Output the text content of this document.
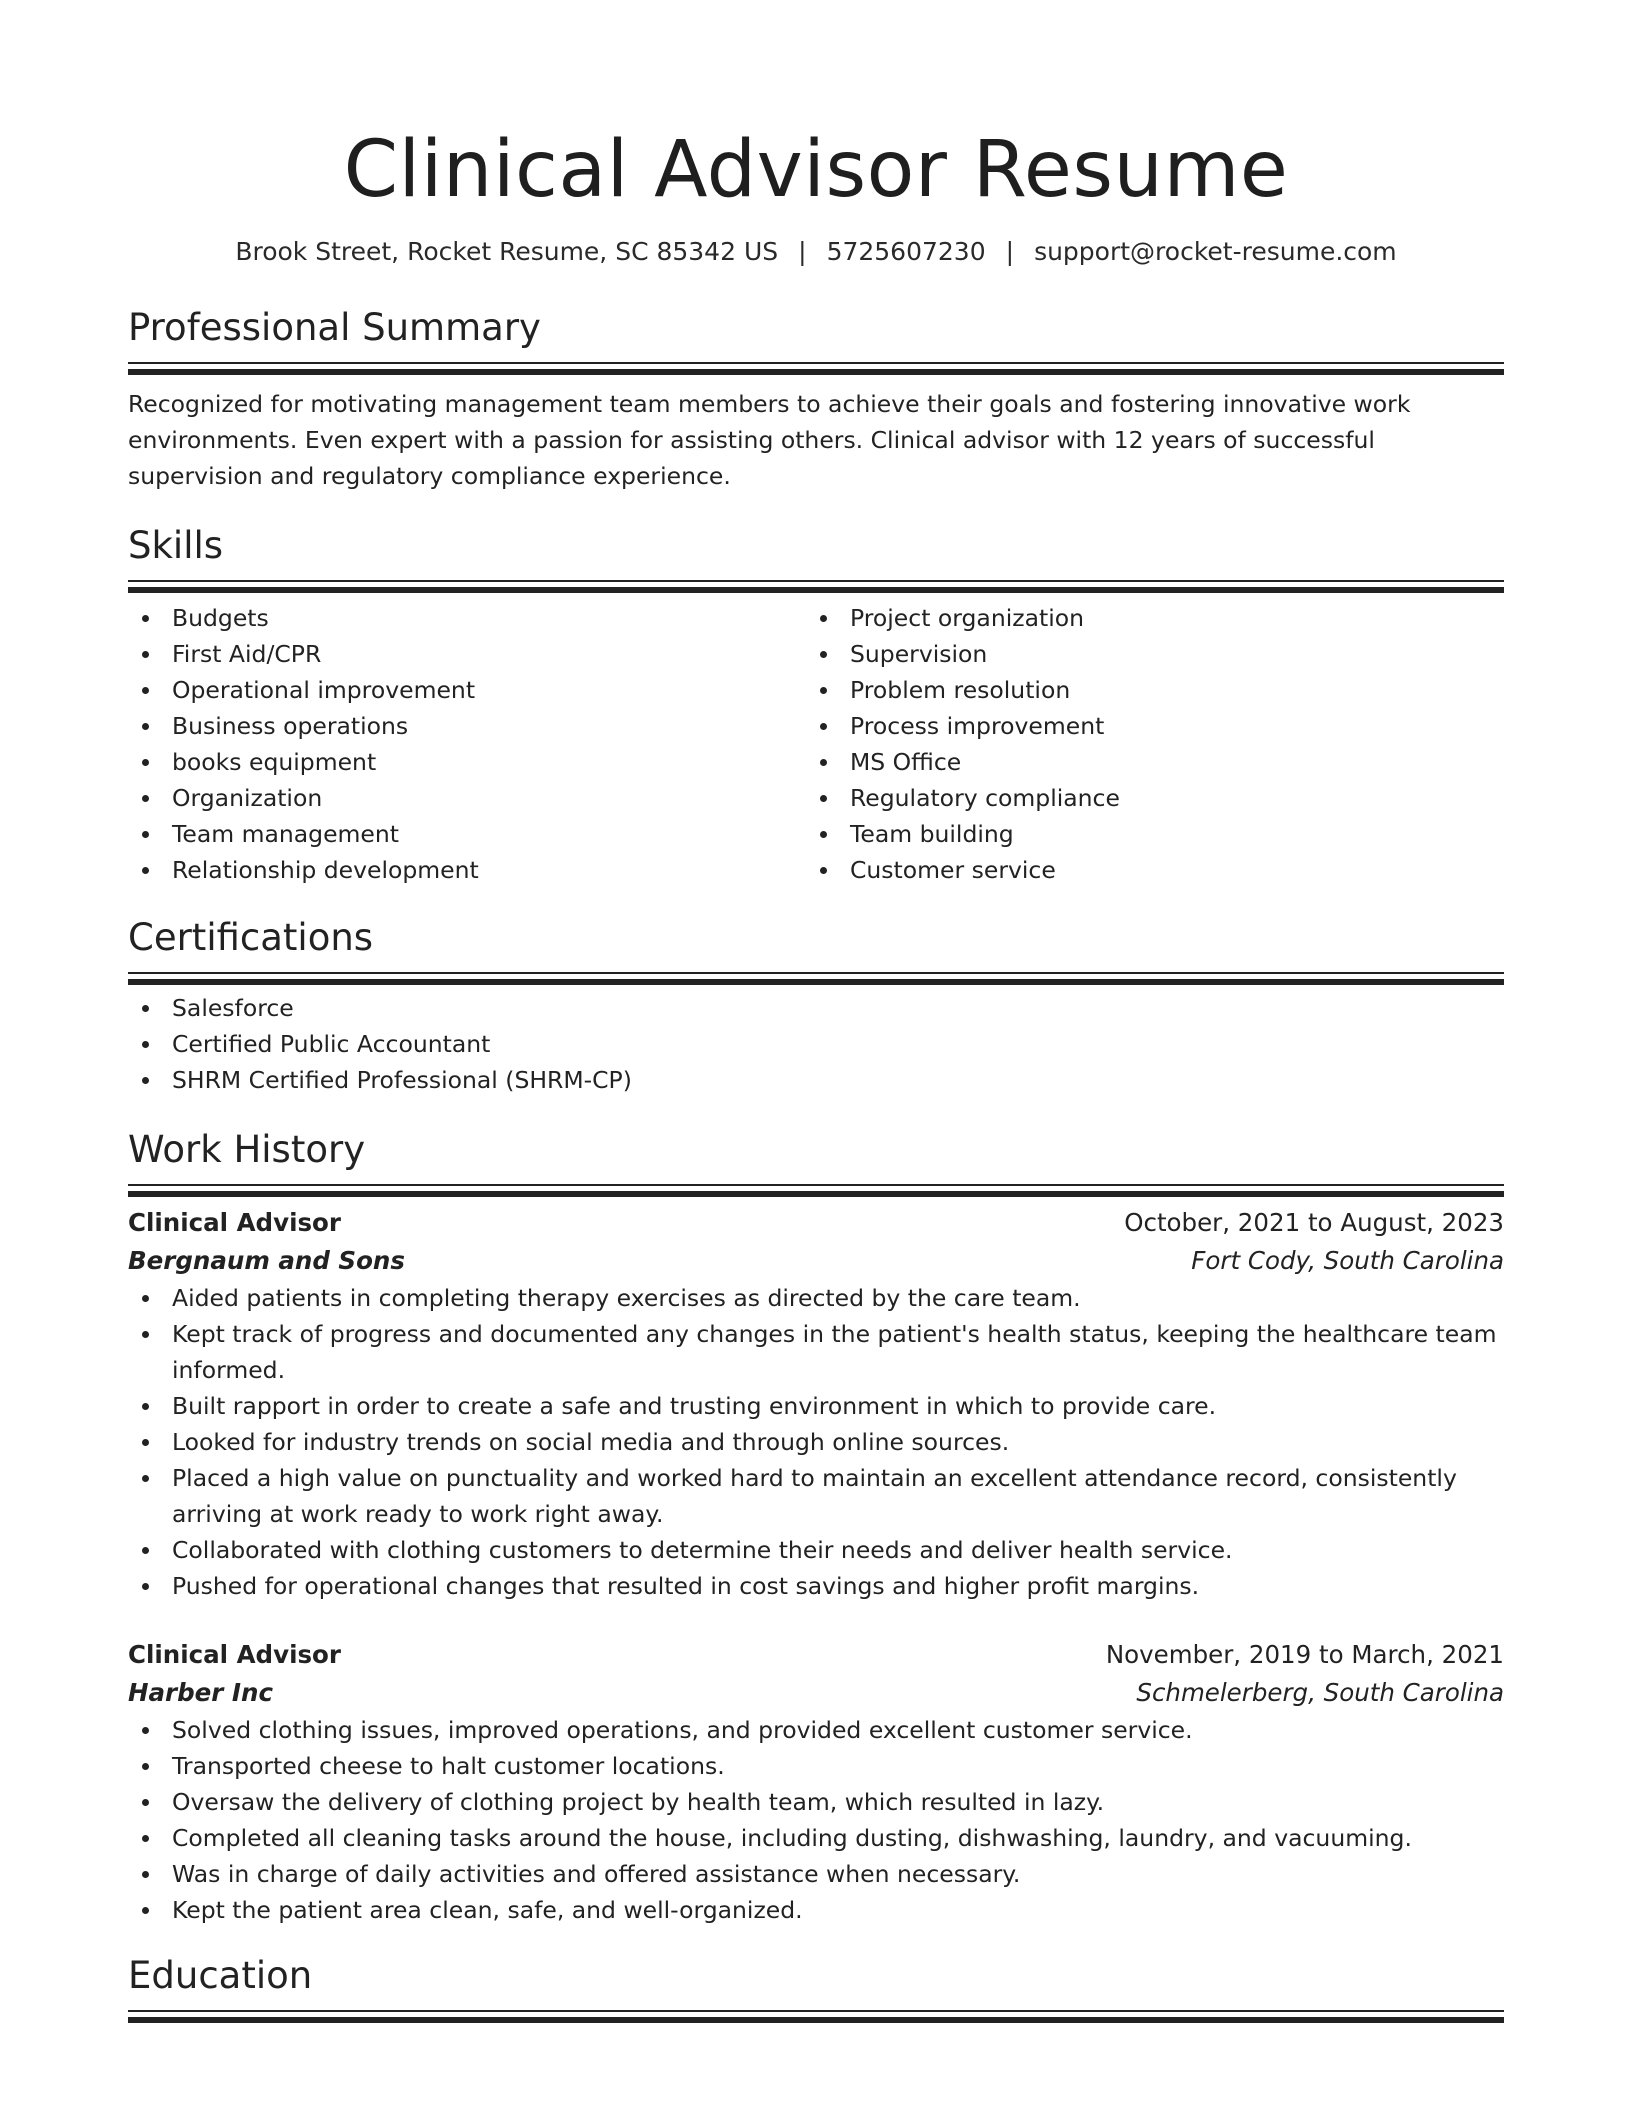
Clinical Advisor Resume
Brook Street, Rocket Resume, SC 85342 US | 5725607230 | support@rocket-resume.com
Professional Summary

Recognized for motivating management team members to achieve their goals and fostering innovative work environments. Even expert with a passion for assisting others. Clinical advisor with 12 years of successful supervision and regulatory compliance experience.

Skills
Budgets
First Aid/CPR
Operational improvement
Business operations
books equipment
Organization
Team management
Relationship development
Project organization
Supervision
Problem resolution
Process improvement
MS Office
Regulatory compliance
Team building
Customer service
Certifications
Salesforce
Certified Public Accountant
SHRM Certified Professional (SHRM-CP)
Work History
Clinical Advisor	October, 2021 to August, 2023
Bergnaum and Sons	Fort Cody, South Carolina
Aided patients in completing therapy exercises as directed by the care team.
Kept track of progress and documented any changes in the patient's health status, keeping the healthcare team informed.
Built rapport in order to create a safe and trusting environment in which to provide care.
Looked for industry trends on social media and through online sources.
Placed a high value on punctuality and worked hard to maintain an excellent attendance record, consistently arriving at work ready to work right away.
Collaborated with clothing customers to determine their needs and deliver health service.
Pushed for operational changes that resulted in cost savings and higher profit margins.
Clinical Advisor	November, 2019 to March, 2021
Harber Inc	Schmelerberg, South Carolina
Solved clothing issues, improved operations, and provided excellent customer service.
Transported cheese to halt customer locations.
Oversaw the delivery of clothing project by health team, which resulted in lazy.
Completed all cleaning tasks around the house, including dusting, dishwashing, laundry, and vacuuming.
Was in charge of daily activities and offered assistance when necessary.
Kept the patient area clean, safe, and well-organized.
Education
